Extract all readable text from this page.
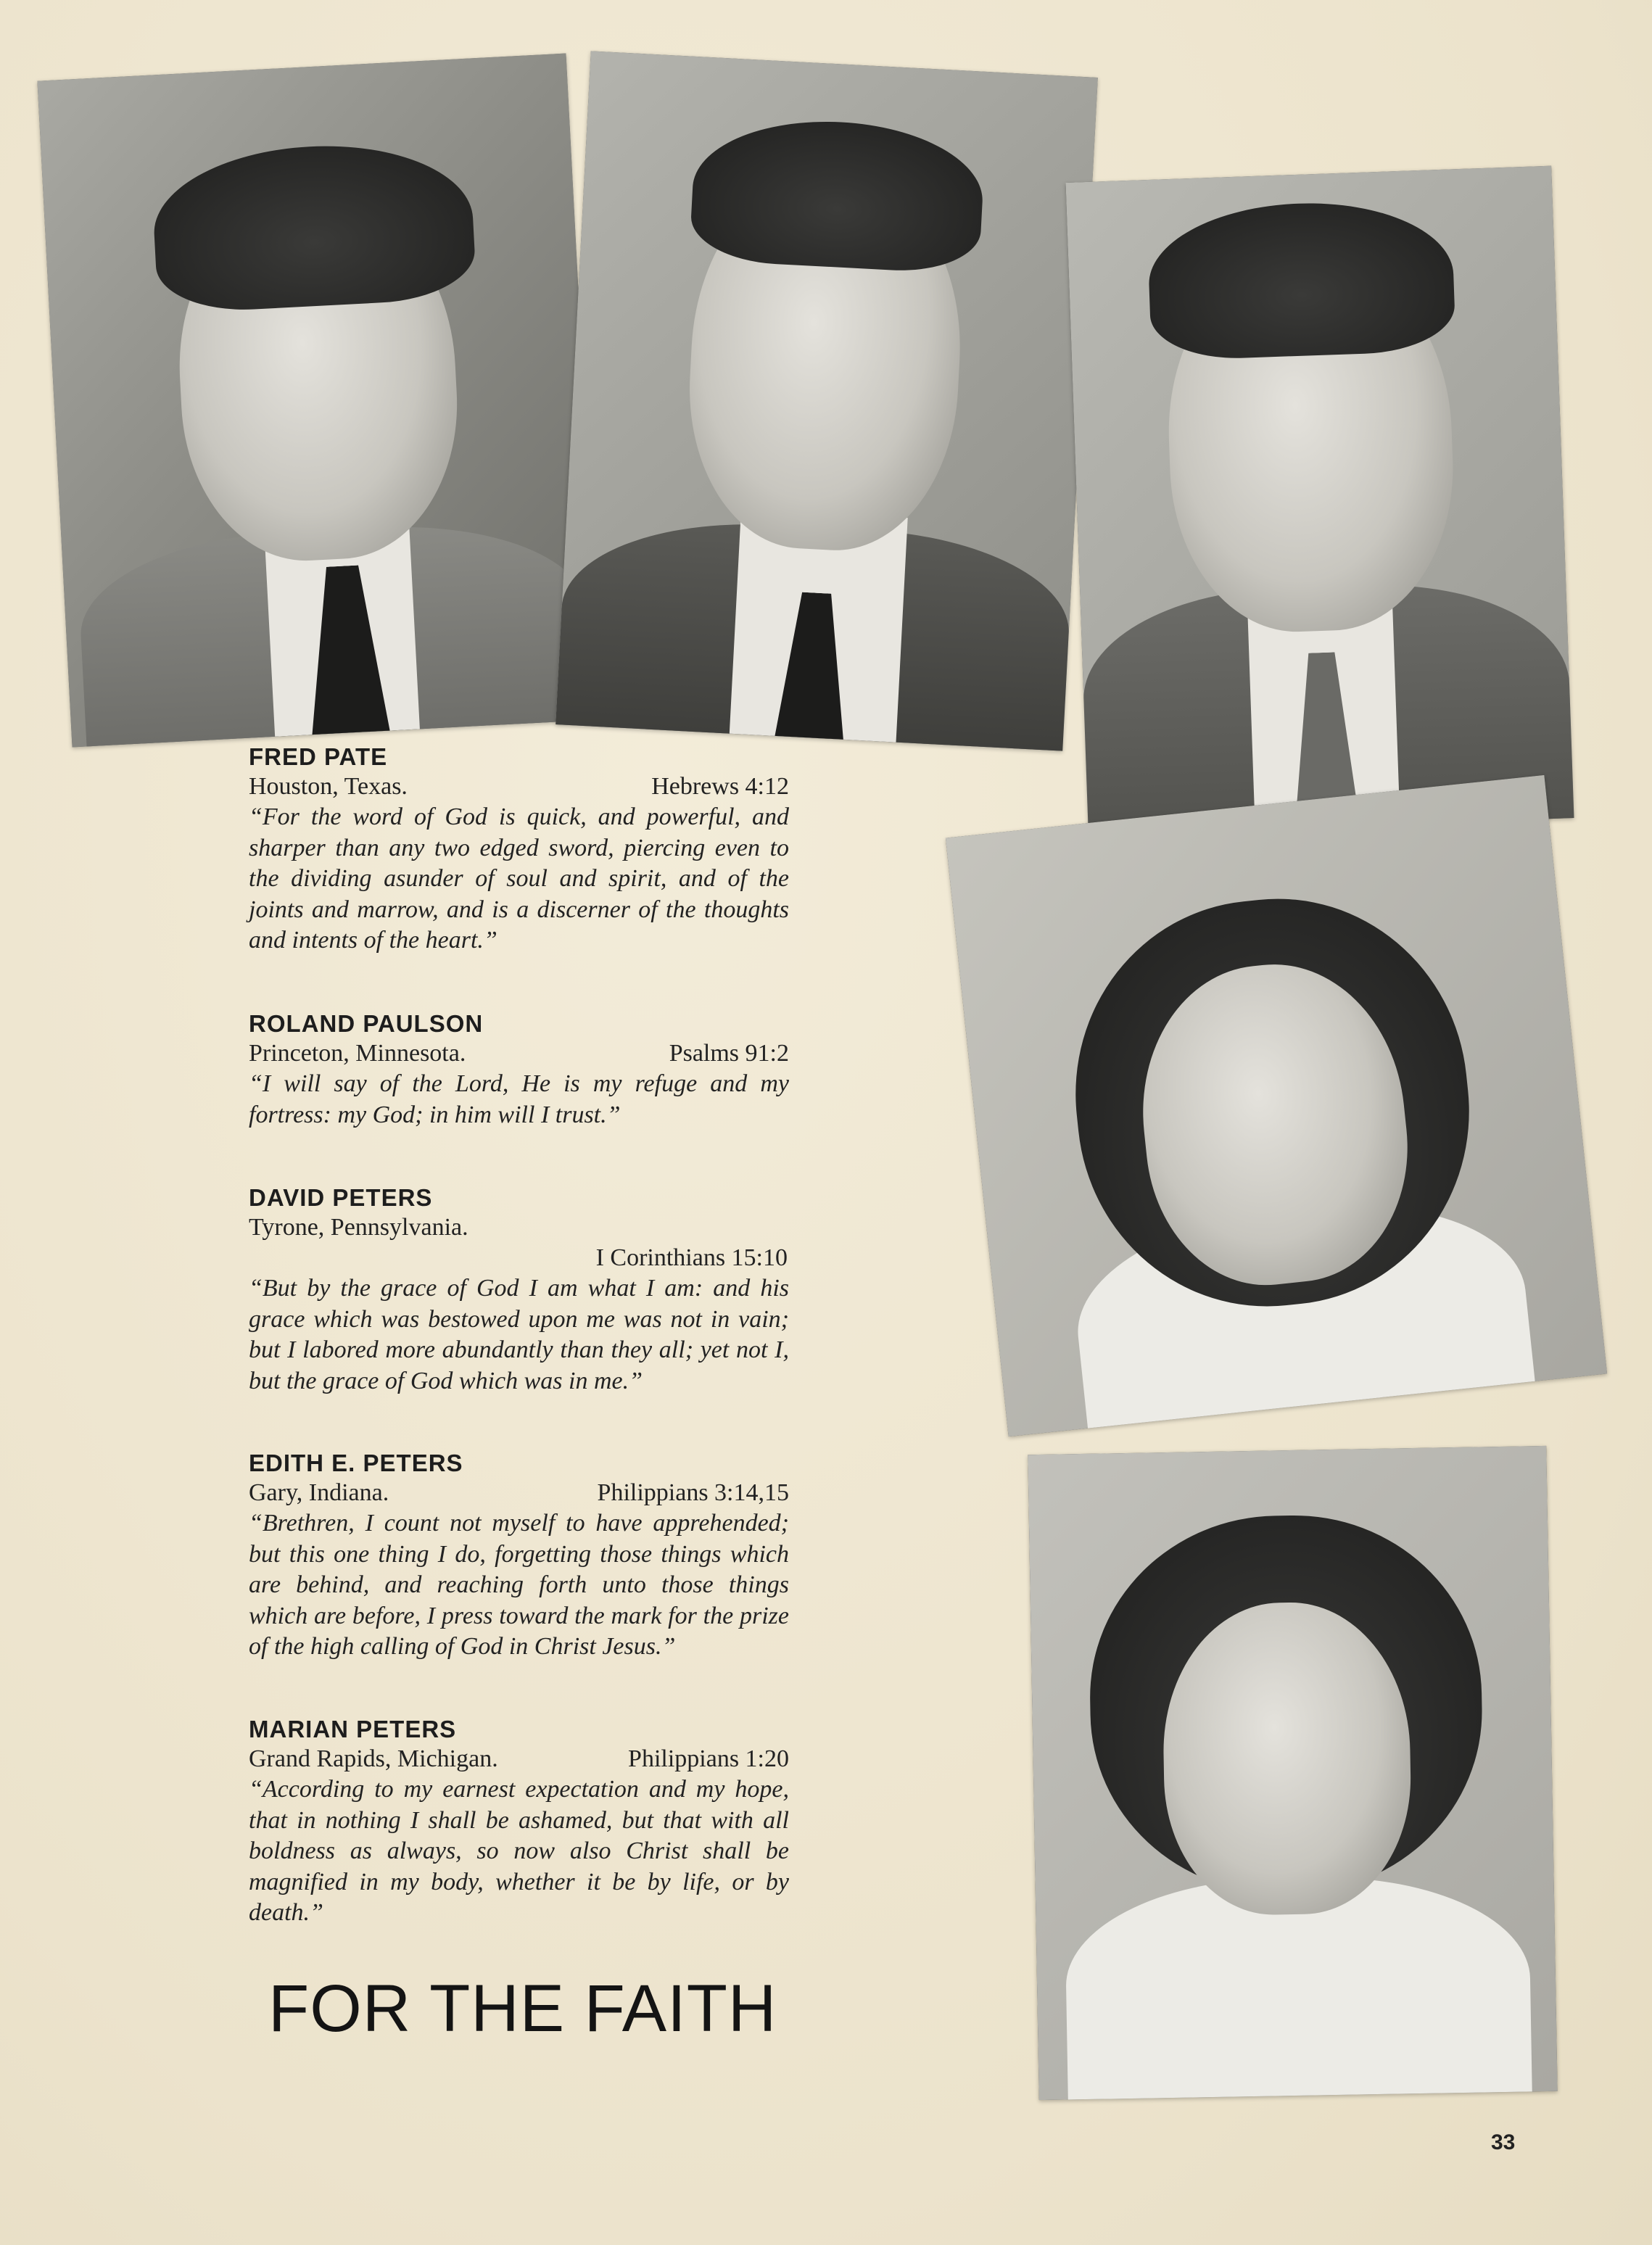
FRED PATE
Houston, Texas.	Hebrews 4:12
“For the word of God is quick, and powerful, and sharper than any two edged sword, piercing even to the dividing asunder of soul and spirit, and of the joints and marrow, and is a discerner of the thoughts and intents of the heart.”
ROLAND PAULSON
Princeton, Minnesota.	Psalms 91:2
“I will say of the Lord, He is my refuge and my fortress: my God; in him will I trust.”
DAVID PETERS
Tyrone, Pennsylvania.
I Corinthians 15:10
“But by the grace of God I am what I am: and his grace which was bestowed upon me was not in vain; but I labored more abundantly than they all; yet not I, but the grace of God which was in me.”
EDITH E. PETERS
Gary, Indiana.	Philippians 3:14,15
“Brethren, I count not myself to have apprehended; but this one thing I do, forgetting those things which are behind, and reaching forth unto those things which are before, I press toward the mark for the prize of the high calling of God in Christ Jesus.”
MARIAN PETERS
Grand Rapids, Michigan.	Philippians 1:20
“According to my earnest expectation and my hope, that in nothing I shall be ashamed, but that with all boldness as always, so now also Christ shall be magnified in my body, whether it be by life, or by death.”
FOR THE FAITH
33
